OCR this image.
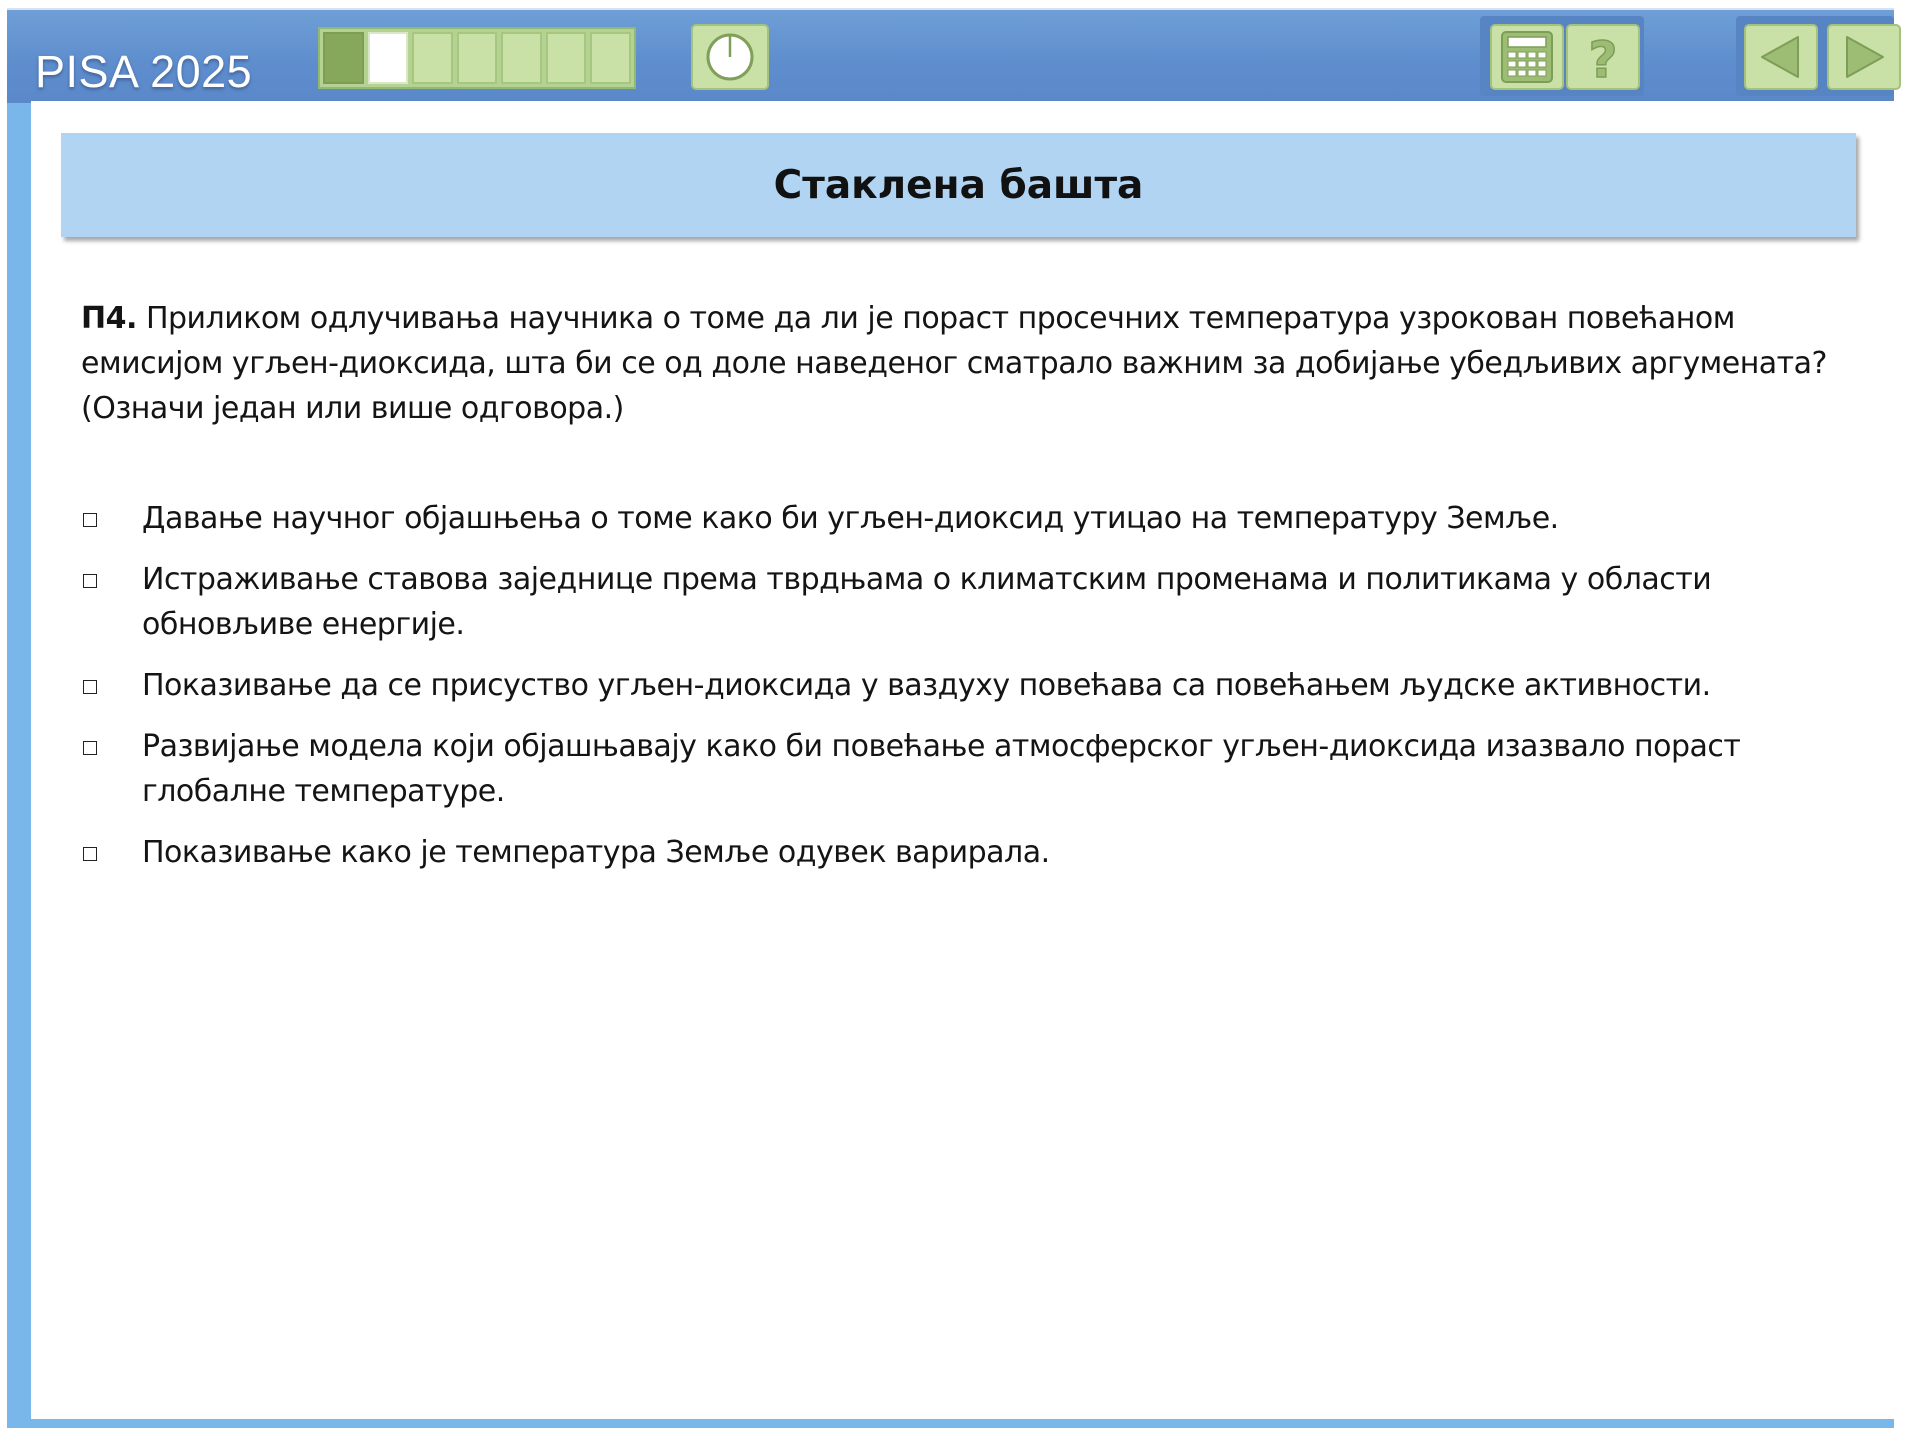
PISA 2025	?
Стаклена башта
П4. Приликом одлучивања научника о томе да ли је пораст просечних температура узрокован повећаном емисијом угљен-диоксида, шта би се од доле наведеног сматрало важним за добијање убедљивих аргумената? (Означи један или више одговора.)
Давање научног објашњења о томе како би угљен-диоксид утицао на температуру Земље.
Истраживање ставова заједнице према тврдњама о климатским променама и политикама у области обновљиве енергије.
Показивање да се присуство угљен-диоксида у ваздуху повећава са повећањем људске активности.
Развијање модела који објашњавају како би повећање атмосферског угљен-диоксида изазвало пораст глобалне температуре.
Показивање како је температура Земље одувек варирала.
